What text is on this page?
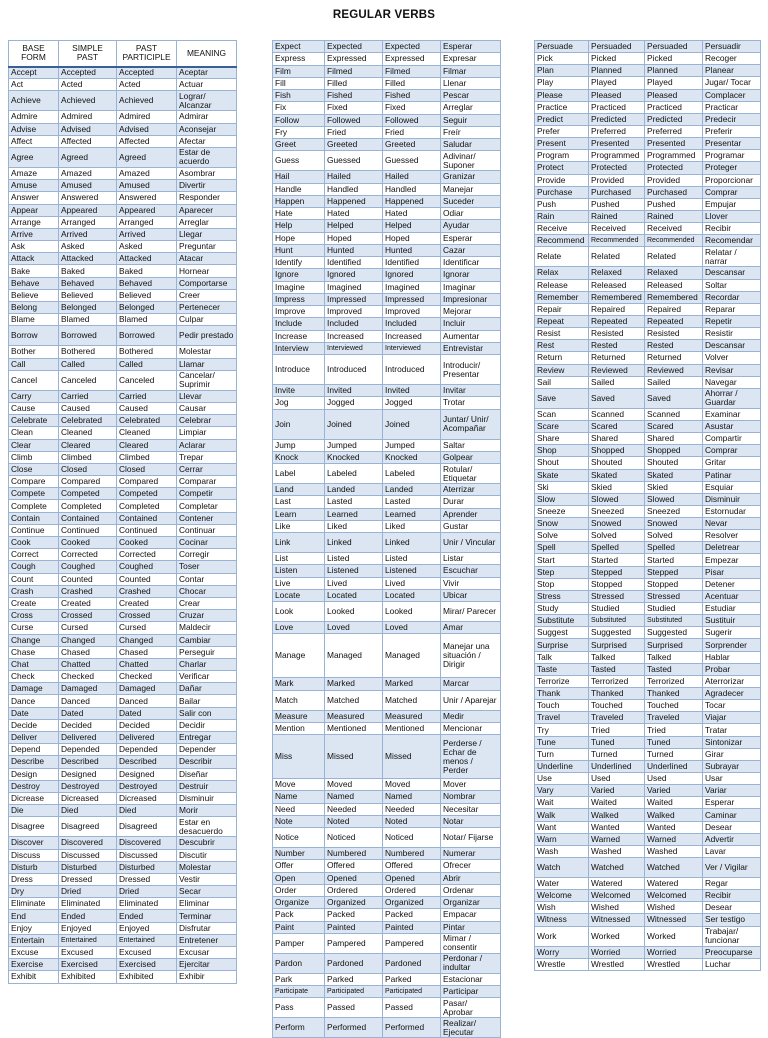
REGULAR VERBS
BASE FORM	SIMPLE PAST	PAST PARTICIPLE	MEANING
Accept	Accepted	Accepted	Aceptar
Act	Acted	Acted	Actuar
Achieve	Achieved	Achieved	Lograr/ Alcanzar
Admire	Admired	Admired	Admirar
Advise	Advised	Advised	Aconsejar
Affect	Affected	Affected	Afectar
Agree	Agreed	Agreed	Estar de acuerdo
Amaze	Amazed	Amazed	Asombrar
Amuse	Amused	Amused	Divertir
Answer	Answered	Answered	Responder
Appear	Appeared	Appeared	Aparecer
Arrange	Arranged	Arranged	Arreglar
Arrive	Arrived	Arrived	Llegar
Ask	Asked	Asked	Preguntar
Attack	Attacked	Attacked	Atacar
Bake	Baked	Baked	Hornear
Behave	Behaved	Behaved	Comportarse
Believe	Believed	Believed	Creer
Belong	Belonged	Belonged	Pertenecer
Blame	Blamed	Blamed	Culpar
Borrow	Borrowed	Borrowed	Pedir prestado
Bother	Bothered	Bothered	Molestar
Call	Called	Called	Llamar
Cancel	Canceled	Canceled	Cancelar/ Suprimir
Carry	Carried	Carried	Llevar
Cause	Caused	Caused	Causar
Celebrate	Celebrated	Celebrated	Celebrar
Clean	Cleaned	Cleaned	Limpiar
Clear	Cleared	Cleared	Aclarar
Climb	Climbed	Climbed	Trepar
Close	Closed	Closed	Cerrar
Compare	Compared	Compared	Comparar
Compete	Competed	Competed	Competir
Complete	Completed	Completed	Completar
Contain	Contained	Contained	Contener
Continue	Continued	Continued	Continuar
Cook	Cooked	Cooked	Cocinar
Correct	Corrected	Corrected	Corregir
Cough	Coughed	Coughed	Toser
Count	Counted	Counted	Contar
Crash	Crashed	Crashed	Chocar
Create	Created	Created	Crear
Cross	Crossed	Crossed	Cruzar
Curse	Cursed	Cursed	Maldecir
Change	Changed	Changed	Cambiar
Chase	Chased	Chased	Perseguir
Chat	Chatted	Chatted	Charlar
Check	Checked	Checked	Verificar
Damage	Damaged	Damaged	Dañar
Dance	Danced	Danced	Bailar
Date	Dated	Dated	Salir con
Decide	Decided	Decided	Decidir
Deliver	Delivered	Delivered	Entregar
Depend	Depended	Depended	Depender
Describe	Described	Described	Describir
Design	Designed	Designed	Diseñar
Destroy	Destroyed	Destroyed	Destruir
Dicrease	Dicreased	Dicreased	Disminuir
Die	Died	Died	Morir
Disagree	Disagreed	Disagreed	Estar en desacuerdo
Discover	Discovered	Discovered	Descubrir
Discuss	Discussed	Discussed	Discutir
Disturb	Disturbed	Disturbed	Molestar
Dress	Dressed	Dressed	Vestir
Dry	Dried	Dried	Secar
Eliminate	Eliminated	Eliminated	Eliminar
End	Ended	Ended	Terminar
Enjoy	Enjoyed	Enjoyed	Disfrutar
Entertain	Entertained	Entertained	Entretener
Excuse	Excused	Excused	Excusar
Exercise	Exercised	Exercised	Ejercitar
Exhibit	Exhibited	Exhibited	Exhibir
Expect	Expected	Expected	Esperar
Express	Expressed	Expressed	Expresar
Film	Filmed	Filmed	Filmar
Fill	Filled	Filled	Llenar
Fish	Fished	Fished	Pescar
Fix	Fixed	Fixed	Arreglar
Follow	Followed	Followed	Seguir
Fry	Fried	Fried	Freír
Greet	Greeted	Greeted	Saludar
Guess	Guessed	Guessed	Adivinar/ Suponer
Hail	Hailed	Hailed	Granizar
Handle	Handled	Handled	Manejar
Happen	Happened	Happened	Suceder
Hate	Hated	Hated	Odiar
Help	Helped	Helped	Ayudar
Hope	Hoped	Hoped	Esperar
Hunt	Hunted	Hunted	Cazar
Identify	Identified	Identified	Identificar
Ignore	Ignored	Ignored	Ignorar
Imagine	Imagined	Imagined	Imaginar
Impress	Impressed	Impressed	Impresionar
Improve	Improved	Improved	Mejorar
Include	Included	Included	Incluir
Increase	Increased	Increased	Aumentar
Interview	Interviewed	Interviewed	Entrevistar
Introduce	Introduced	Introduced	Introducir/ Presentar
Invite	Invited	Invited	Invitar
Jog	Jogged	Jogged	Trotar
Join	Joined	Joined	Juntar/ Unir/ Acompañar
Jump	Jumped	Jumped	Saltar
Knock	Knocked	Knocked	Golpear
Label	Labeled	Labeled	Rotular/ Etiquetar
Land	Landed	Landed	Aterrizar
Last	Lasted	Lasted	Durar
Learn	Learned	Learned	Aprender
Like	Liked	Liked	Gustar
Link	Linked	Linked	Unir / Vincular
List	Listed	Listed	Listar
Listen	Listened	Listened	Escuchar
Live	Lived	Lived	Vivir
Locate	Located	Located	Ubicar
Look	Looked	Looked	Mirar/ Parecer
Love	Loved	Loved	Amar
Manage	Managed	Managed	Manejar una situación / Dirigir
Mark	Marked	Marked	Marcar
Match	Matched	Matched	Unir / Aparejar
Measure	Measured	Measured	Medir
Mention	Mentioned	Mentioned	Mencionar
Miss	Missed	Missed	Perderse / Echar de menos / Perder
Move	Moved	Moved	Mover
Name	Named	Named	Nombrar
Need	Needed	Needed	Necesitar
Note	Noted	Noted	Notar
Notice	Noticed	Noticed	Notar/ Fijarse
Number	Numbered	Numbered	Numerar
Offer	Offered	Offered	Ofrecer
Open	Opened	Opened	Abrir
Order	Ordered	Ordered	Ordenar
Organize	Organized	Organized	Organizar
Pack	Packed	Packed	Empacar
Paint	Painted	Painted	Pintar
Pamper	Pampered	Pampered	Mimar / consentir
Pardon	Pardoned	Pardoned	Perdonar / indultar
Park	Parked	Parked	Estacionar
Participate	Participated	Participated	Participar
Pass	Passed	Passed	Pasar/ Aprobar
Perform	Performed	Performed	Realizar/ Ejecutar
Persuade	Persuaded	Persuaded	Persuadir
Pick	Picked	Picked	Recoger
Plan	Planned	Planned	Planear
Play	Played	Played	Jugar/ Tocar
Please	Pleased	Pleased	Complacer
Practice	Practiced	Practiced	Practicar
Predict	Predicted	Predicted	Predecir
Prefer	Preferred	Preferred	Preferir
Present	Presented	Presented	Presentar
Program	Programmed	Programmed	Programar
Protect	Protected	Protected	Proteger
Provide	Provided	Provided	Proporcionar
Purchase	Purchased	Purchased	Comprar
Push	Pushed	Pushed	Empujar
Rain	Rained	Rained	Llover
Receive	Received	Received	Recibir
Recommend	Recommended	Recommended	Recomendar
Relate	Related	Related	Relatar / narrar
Relax	Relaxed	Relaxed	Descansar
Release	Released	Released	Soltar
Remember	Remembered	Remembered	Recordar
Repair	Repaired	Repaired	Reparar
Repeat	Repeated	Repeated	Repetir
Resist	Resisted	Resisted	Resistir
Rest	Rested	Rested	Descansar
Return	Returned	Returned	Volver
Review	Reviewed	Reviewed	Revisar
Sail	Sailed	Sailed	Navegar
Save	Saved	Saved	Ahorrar / Guardar
Scan	Scanned	Scanned	Examinar
Scare	Scared	Scared	Asustar
Share	Shared	Shared	Compartir
Shop	Shopped	Shopped	Comprar
Shout	Shouted	Shouted	Gritar
Skate	Skated	Skated	Patinar
Ski	Skied	Skied	Esquiar
Slow	Slowed	Slowed	Disminuir
Sneeze	Sneezed	Sneezed	Estornudar
Snow	Snowed	Snowed	Nevar
Solve	Solved	Solved	Resolver
Spell	Spelled	Spelled	Deletrear
Start	Started	Started	Empezar
Step	Stepped	Stepped	Pisar
Stop	Stopped	Stopped	Detener
Stress	Stressed	Stressed	Acentuar
Study	Studied	Studied	Estudiar
Substitute	Substituted	Substituted	Sustituir
Suggest	Suggested	Suggested	Sugerir
Surprise	Surprised	Surprised	Sorprender
Talk	Talked	Talked	Hablar
Taste	Tasted	Tasted	Probar
Terrorize	Terrorized	Terrorized	Aterrorizar
Thank	Thanked	Thanked	Agradecer
Touch	Touched	Touched	Tocar
Travel	Traveled	Traveled	Viajar
Try	Tried	Tried	Tratar
Tune	Tuned	Tuned	Sintonizar
Turn	Turned	Turned	Girar
Underline	Underlined	Underlined	Subrayar
Use	Used	Used	Usar
Vary	Varied	Varied	Variar
Wait	Waited	Waited	Esperar
Walk	Walked	Walked	Caminar
Want	Wanted	Wanted	Desear
Warn	Warned	Warned	Advertir
Wash	Washed	Washed	Lavar
Watch	Watched	Watched	Ver / Vigilar
Water	Watered	Watered	Regar
Welcome	Welcomed	Welcomed	Recibir
Wish	Wished	Wished	Desear
Witness	Witnessed	Witnessed	Ser testigo
Work	Worked	Worked	Trabajar/ funcionar
Worry	Worried	Worried	Preocuparse
Wrestle	Wrestled	Wrestled	Luchar
